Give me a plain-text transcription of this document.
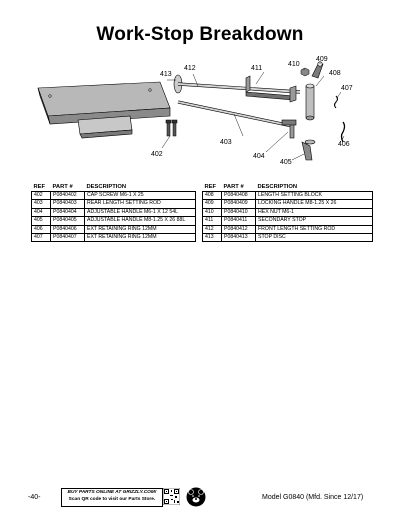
Work-Stop Breakdown
413
412	411
410
409
408
407
403
402	404
405
406
REF	PART #	DESCRIPTION
402	P0840402	CAP SCREW M6-1 X 25
403	P0840403	REAR LENGTH SETTING ROD
404	P0840404	ADJUSTABLE HANDLE M6-1 X 12 54L
405	P0840405	ADJUSTABLE HANDLE M8-1.25 X 26 88L
406	P0840406	EXT RETAINING RING 12MM
407	P0840407	EXT RETAINING RING 12MM
REF	PART #	DESCRIPTION
408	P0840408	LENGTH SETTING BLOCK
409	P0840409	LOCKING HANDLE M8-1.25 X 26
410	P0840410	HEX NUT M6-1
411	P0840411	SECONDARY STOP
412	P0840412	FRONT LENGTH SETTING ROD
413	P0840413	STOP DISC
-40-
BUY PARTS ONLINE AT GRIZZLY.COM!
Scan QR code to visit our Parts Store.	Model G0840 (Mfd. Since 12/17)
